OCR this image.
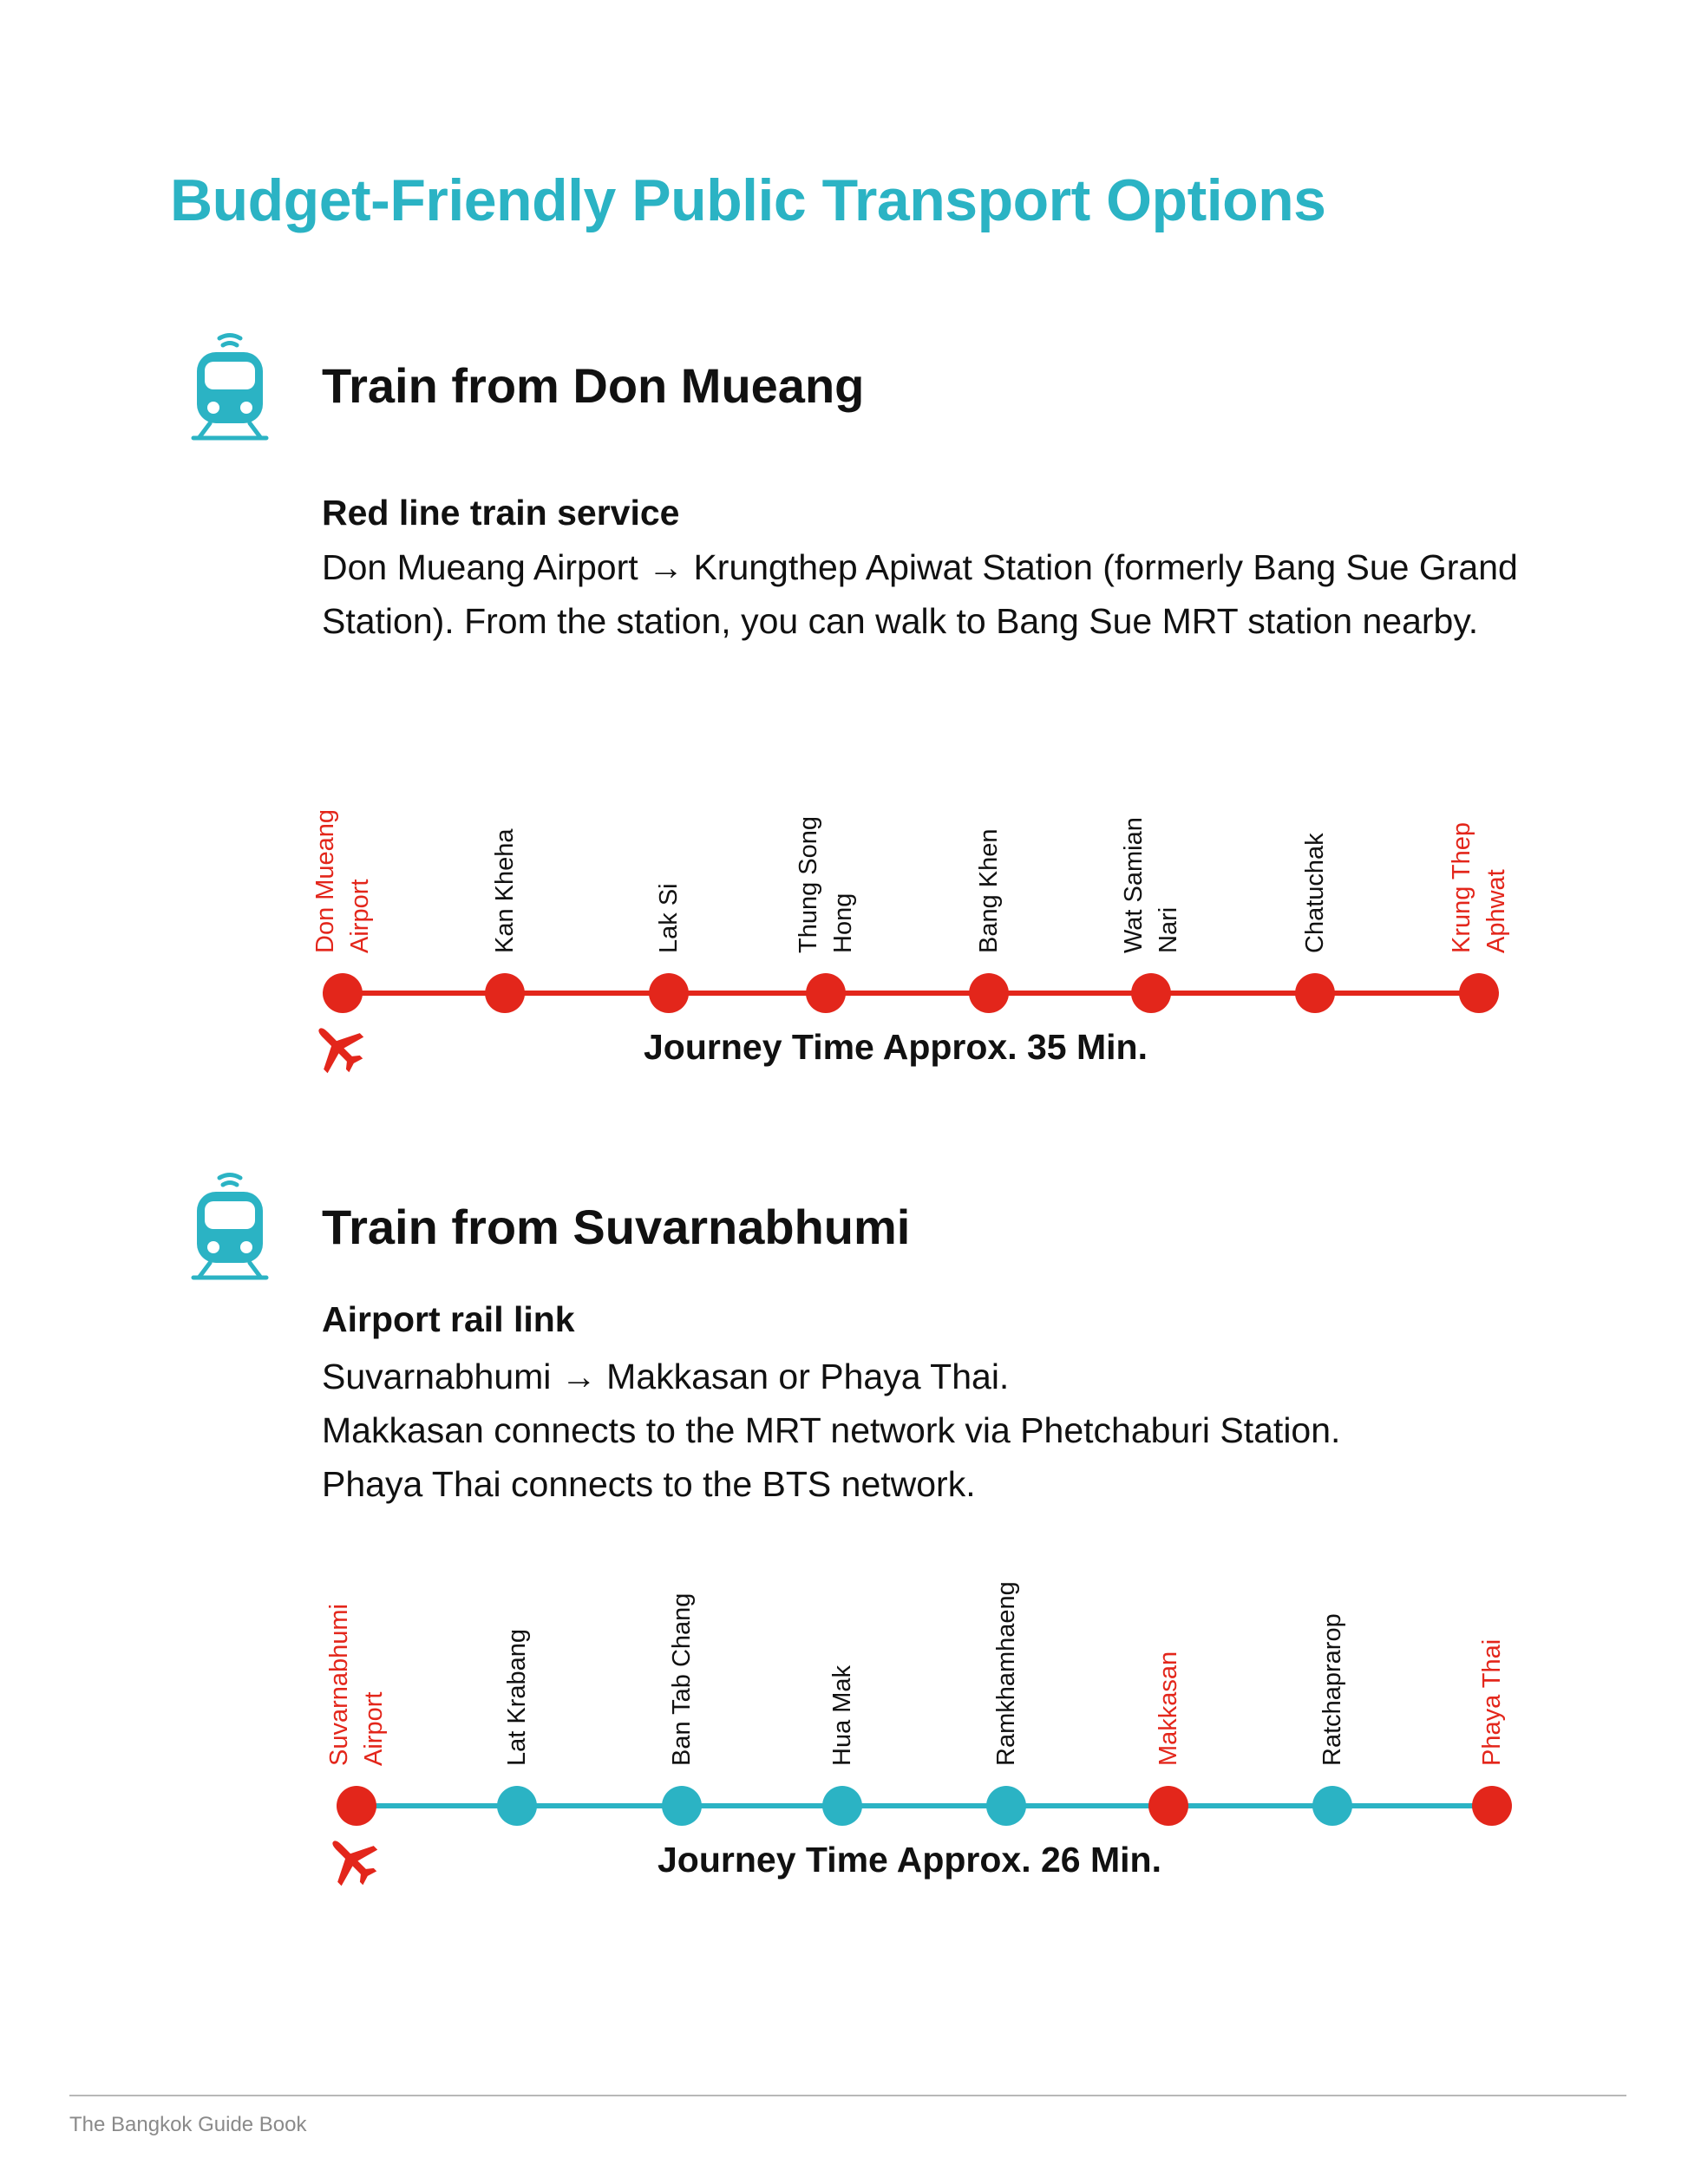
Budget-Friendly Public Transport Options
Train from Don Mueang
Red line train service

Don Mueang Airport → Krungthep Apiwat Station (formerly Bang Sue Grand Station). From the station, you can walk to Bang Sue MRT station nearby.

Don Mueang Airport	Kan Kheha	Lak Si	Thung Song Hong	Bang Khen	Wat Samian Nari	Chatuchak	Krung Thep Aphwat
Journey Time Approx. 35 Min.
Train from Suvarnabhumi
Airport rail link

Suvarnabhumi → Makkasan or Phaya Thai.

Makkasan connects to the MRT network via Phetchaburi Station.

Phaya Thai connects to the BTS network.

Suvarnabhumi Airport	Lat Krabang	Ban Tab Chang	Hua Mak	Ramkhamhaeng	Makkasan	Ratchaprarop	Phaya Thai
Journey Time Approx. 26 Min.
The Bangkok Guide Book
